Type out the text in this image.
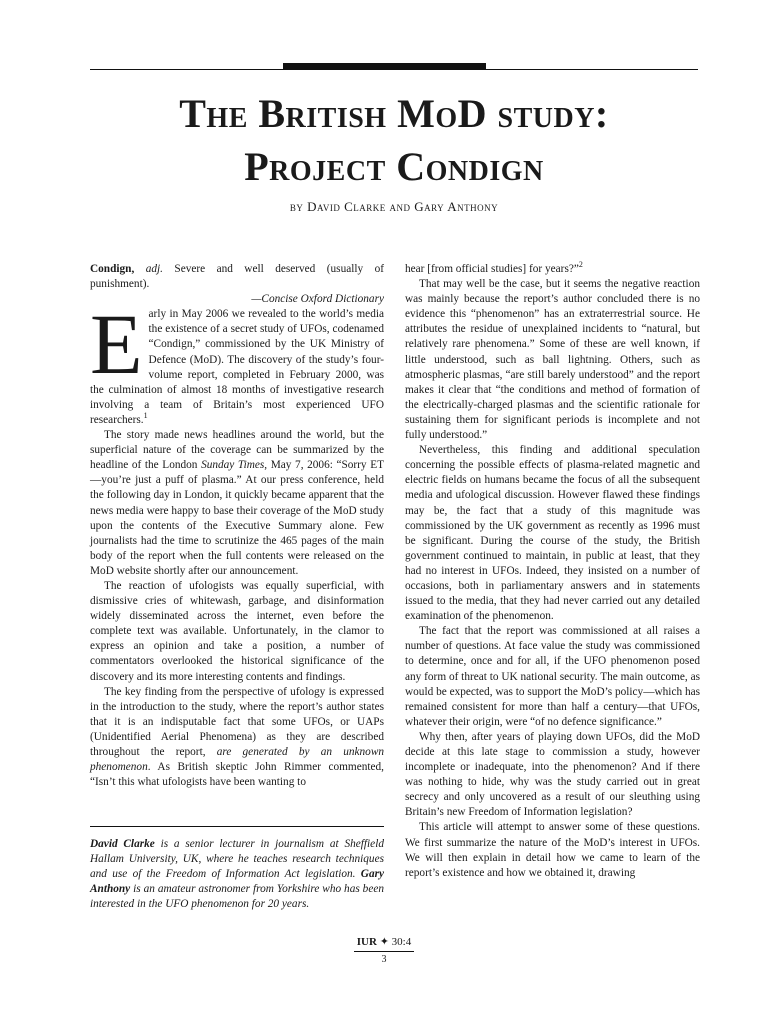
The British MoD study:
Project Condign
by David Clarke and Gary Anthony

Condign, adj. Severe and well deserved (usually of punishment).

—Concise Oxford Dictionary

Early in May 2006 we revealed to the world’s media the existence of a secret study of UFOs, codenamed “Condign,” commissioned by the UK Ministry of Defence (MoD). The discovery of the study’s four-volume report, completed in February 2000, was the culmination of almost 18 months of investigative research involving a team of Britain’s most experienced UFO researchers.$^1$

The story made news headlines around the world, but the superficial nature of the coverage can be summarized by the headline of the London Sunday Times, May 7, 2006: “Sorry ET—you’re just a puff of plasma.” At our press conference, held the following day in London, it quickly became apparent that the news media were happy to base their coverage of the MoD study upon the contents of the Executive Summary alone. Few journalists had the time to scrutinize the 465 pages of the main body of the report when the full contents were released on the MoD website shortly after our announcement.

The reaction of ufologists was equally superficial, with dismissive cries of whitewash, garbage, and disinformation widely disseminated across the internet, even before the complete text was available. Unfortunately, in the clamor to express an opinion and take a position, a number of commentators overlooked the historical significance of the discovery and its more interesting contents and findings.

The key finding from the perspective of ufology is expressed in the introduction to the study, where the report’s author states that it is an indisputable fact that some UFOs, or UAPs (Unidentified Aerial Phenomena) as they are described throughout the report, are generated by an unknown phenomenon. As British skeptic John Rimmer commented, “Isn’t this what ufologists have been wanting to

David Clarke is a senior lecturer in journalism at Sheffield Hallam University, UK, where he teaches research techniques and use of the Freedom of Information Act legislation. Gary Anthony is an amateur astronomer from Yorkshire who has been interested in the UFO phenomenon for 20 years.

hear [from official studies] for years?”$^2$

That may well be the case, but it seems the negative reaction was mainly because the report’s author concluded there is no evidence this “phenomenon” has an extraterrestrial source. He attributes the residue of unexplained incidents to “natural, but relatively rare phenomena.” Some of these are well known, if little understood, such as ball lightning. Others, such as atmospheric plasmas, “are still barely understood” and the report makes it clear that “the conditions and method of formation of the electrically-charged plasmas and the scientific rationale for sustaining them for significant periods is incomplete and not fully understood.”

Nevertheless, this finding and additional speculation concerning the possible effects of plasma-related magnetic and electric fields on humans became the focus of all the subsequent media and ufological discussion. However flawed these findings may be, the fact that a study of this magnitude was commissioned by the UK government as recently as 1996 must be significant. During the course of the study, the British government continued to maintain, in public at least, that they had no interest in UFOs. Indeed, they insisted on a number of occasions, both in parliamentary answers and in statements issued to the media, that they had never carried out any detailed examination of the phenomenon.

The fact that the report was commissioned at all raises a number of questions. At face value the study was commissioned to determine, once and for all, if the UFO phenomenon posed any form of threat to UK national security. The main outcome, as would be expected, was to support the MoD’s policy—which has remained consistent for more than half a century—that UFOs, whatever their origin, were “of no defence significance.”

Why then, after years of playing down UFOs, did the MoD decide at this late stage to commission a study, however incomplete or inadequate, into the phenomenon? And if there was nothing to hide, why was the study carried out in great secrecy and only uncovered as a result of our sleuthing using Britain’s new Freedom of Information legislation?

This article will attempt to answer some of these questions. We first summarize the nature of the MoD’s interest in UFOs. We will then explain in detail how we came to learn of the report’s existence and how we obtained it, drawing

IUR ✦ 30:4
3
